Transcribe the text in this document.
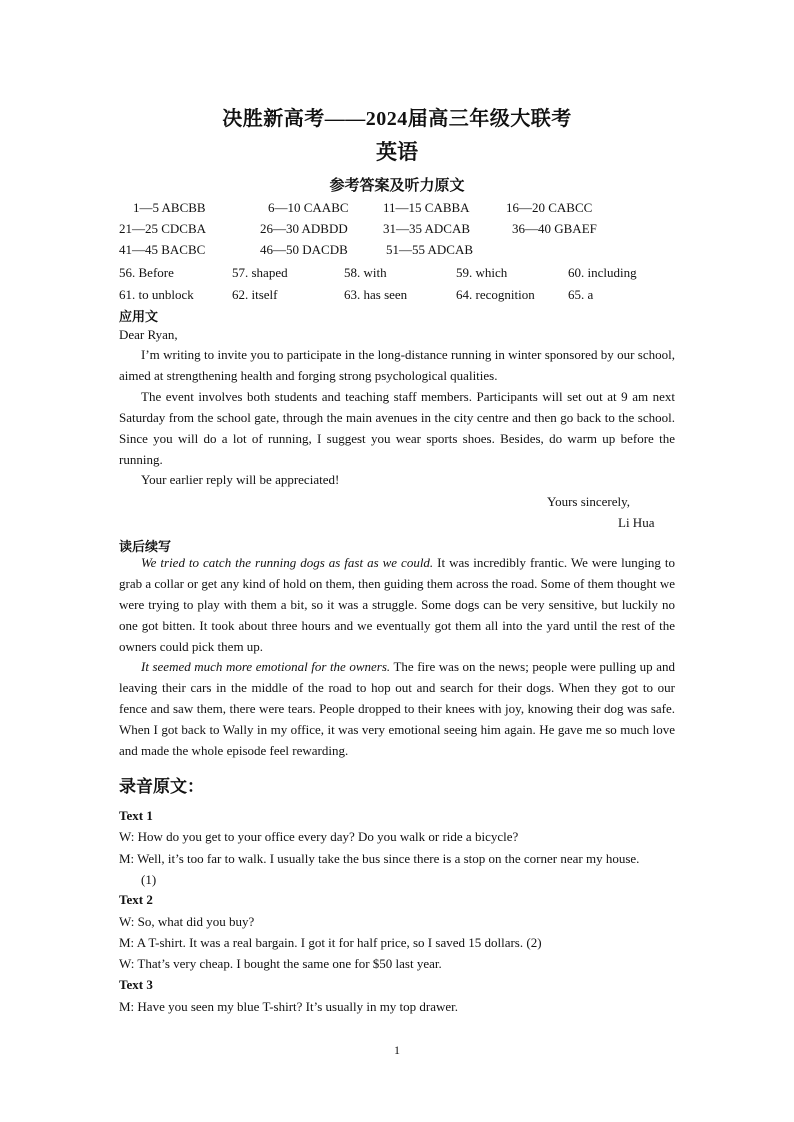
决胜新高考——2024届高三年级大联考
英语
参考答案及听力原文
1—5 ABCBB	6—10 CAABC	11—15 CABBA	16—20 CABCC
21—25 CDCBA	26—30 ADBDD	31—35 ADCAB	36—40 GBAEF
41—45 BACBC	46—50 DACDB	51—55 ADCAB
56. Before	57. shaped	58. with	59. which	60. including
61. to unblock	62. itself	63. has seen	64. recognition	65. a
应用文
Dear Ryan,

I’m writing to invite you to participate in the long-distance running in winter sponsored by our school, aimed at strengthening health and forging strong psychological qualities.

The event involves both students and teaching staff members. Participants will set out at 9 am next Saturday from the school gate, through the main avenues in the city centre and then go back to the school. Since you will do a lot of running, I suggest you wear sports shoes. Besides, do warm up before the running.

Your earlier reply will be appreciated!

Yours sincerely,
Li Hua
读后续写

We tried to catch the running dogs as fast as we could. It was incredibly frantic. We were lunging to grab a collar or get any kind of hold on them, then guiding them across the road. Some of them thought we were trying to play with them a bit, so it was a struggle. Some dogs can be very sensitive, but luckily no one got bitten. It took about three hours and we eventually got them all into the yard until the rest of the owners could pick them up.

It seemed much more emotional for the owners. The fire was on the news; people were pulling up and leaving their cars in the middle of the road to hop out and search for their dogs. When they got to our fence and saw them, there were tears. People dropped to their knees with joy, knowing their dog was safe. When I got back to Wally in my office, it was very emotional seeing him again. He gave me so much love and made the whole episode feel rewarding.

录音原文：
Text 1
W: How do you get to your office every day? Do you walk or ride a bicycle?
M: Well, it’s too far to walk. I usually take the bus since there is a stop on the corner near my house.
(1)
Text 2
W: So, what did you buy?
M: A T-shirt. It was a real bargain. I got it for half price, so I saved 15 dollars. (2)
W: That’s very cheap. I bought the same one for $50 last year.
Text 3
M: Have you seen my blue T-shirt? It’s usually in my top drawer.
1
